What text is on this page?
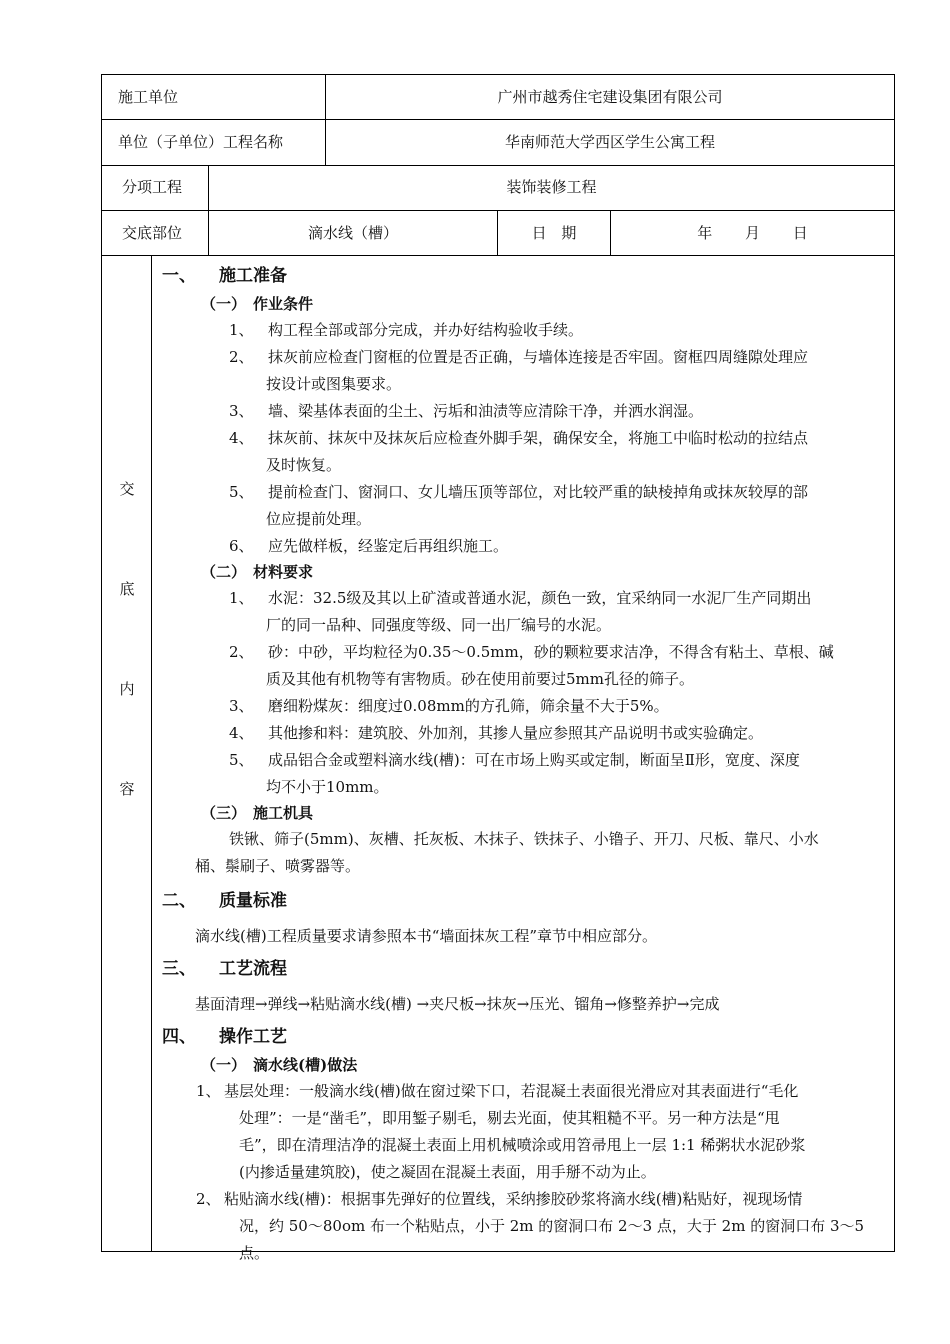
施工单位	广州市越秀住宅建设集团有限公司
单位（子单位）工程名称	华南师范大学西区学生公寓工程
分项工程	装饰装修工程
交底部位	滴水线（槽）	日 期	年 月 日
交
底
内
容
一、 施工准备
（一） 作业条件
1、 构工程全部或部分完成，并办好结构验收手续。
2、 抹灰前应检查门窗框的位置是否正确，与墙体连接是否牢固。窗框四周缝隙处理应
按设计或图集要求。
3、 墙、梁基体表面的尘土、污垢和油渍等应清除干净，并洒水润湿。
4、 抹灰前、抹灰中及抹灰后应检查外脚手架，确保安全，将施工中临时松动的拉结点
及时恢复。
5、 提前检查门、窗洞口、女儿墙压顶等部位，对比较严重的缺棱掉角或抹灰较厚的部
位应提前处理。
6、 应先做样板，经鉴定后再组织施工。
（二） 材料要求
1、 水泥：32.5级及其以上矿渣或普通水泥，颜色一致，宜采纳同一水泥厂生产同期出
厂的同一品种、同强度等级、同一出厂编号的水泥。
2、 砂：中砂，平均粒径为0.35～0.5mm，砂的颗粒要求洁净，不得含有粘土、草根、碱
质及其他有机物等有害物质。砂在使用前要过5mm孔径的筛子。
3、 磨细粉煤灰：细度过0.08mm的方孔筛，筛余量不大于5%。
4、 其他掺和料：建筑胶、外加剂，其掺人量应参照其产品说明书或实验确定。
5、 成品铝合金或塑料滴水线(槽)：可在市场上购买或定制，断面呈Ⅱ形，宽度、深度
均不小于10mm。
（三） 施工机具
铁锹、筛子(5mm)、灰槽、托灰板、木抹子、铁抹子、小镥子、开刀、尺板、靠尺、小水
桶、鬃刷子、喷雾器等。
二、 质量标准
滴水线(槽)工程质量要求请参照本书“墙面抹灰工程”章节中相应部分。
三、 工艺流程
基面清理→弹线→粘贴滴水线(槽) →夹尺板→抹灰→压光、镏角→修整养护→完成
四、 操作工艺
（一） 滴水线(槽)做法
1、 基层处理：一般滴水线(槽)做在窗过梁下口，若混凝土表面很光滑应对其表面进行“毛化
处理”：一是“凿毛”，即用錾子剔毛，剔去光面，使其粗糙不平。另一种方法是“甩
毛”，即在清理洁净的混凝土表面上用机械喷涂或用笤帚甩上一层 1:1 稀粥状水泥砂浆
(内掺适量建筑胶)，使之凝固在混凝土表面，用手掰不动为止。
2、 粘贴滴水线(槽)：根据事先弹好的位置线，采纳掺胶砂浆将滴水线(槽)粘贴好，视现场情
况，约 50～80om 布一个粘贴点，小于 2m 的窗洞口布 2～3 点，大于 2m 的窗洞口布 3～5
点。
